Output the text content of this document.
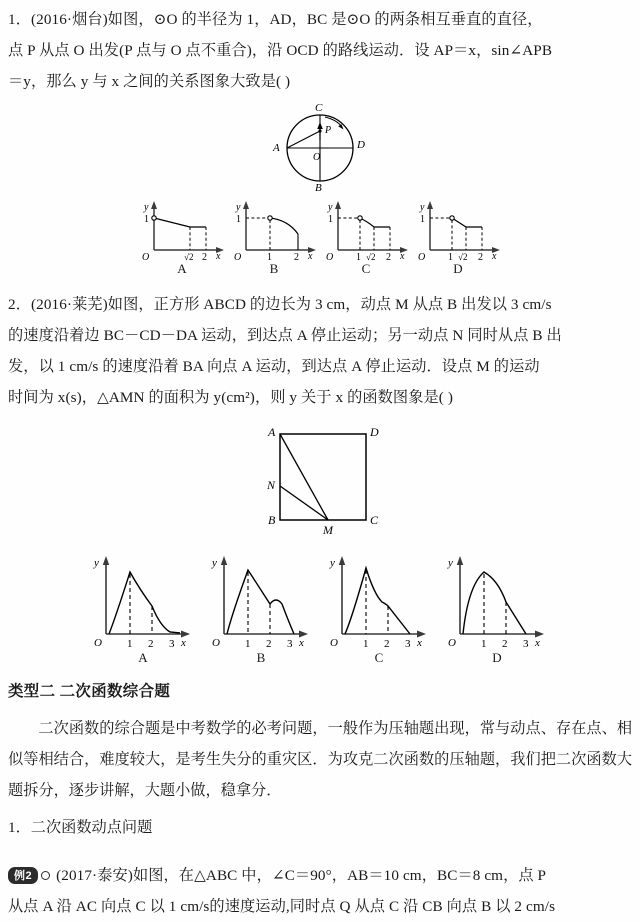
1．(2016·烟台)如图，⊙O 的半径为 1，AD，BC 是⊙O 的两条相互垂直的直径，

点 P 从点 O 出发(P 点与 O 点不重合)，沿 OCD 的路线运动．设 AP＝x，sin∠APB

＝y，那么 y 与 x 之间的关系图象大致是( )

C
B
A	D
O
P
1
O	√2 2 x
y
A
1
O	1 2 x
y
B
1
O 1 √2 2 x
y
C
1
O 1 √2 2 x
y
D

2．(2016·莱芜)如图，正方形 ABCD 的边长为 3 cm，动点 M 从点 B 出发以 3 cm/s

的速度沿着边 BC－CD－DA 运动，到达点 A 停止运动；另一动点 N 同时从点 B 出

发，以 1 cm/s 的速度沿着 BA 向点 A 运动，到达点 A 停止运动．设点 M 的运动

时间为 x(s)，△AMN 的面积为 y(cm²)，则 y 关于 x 的函数图象是( )

A	D
B	C
N
M
O 1 2 3 x
y
A
O 1 2 3 x
y
B
O 1 2 3 x
y
C
O 1 2 3 x
y
D

类型二 二次函数综合题

二次函数的综合题是中考数学的必考问题，一般作为压轴题出现，常与动点、存在点、相似等相结合，难度较大，是考生失分的重灾区．为攻克二次函数的压轴题，我们把二次函数大题拆分，逐步讲解，大题小做，稳拿分．

1．二次函数动点问题

例2	(2017·泰安)如图，在△ABC 中，∠C＝90°，AB＝10 cm，BC＝8 cm，点 P

从点 A 沿 AC 向点 C 以 1 cm/s的速度运动,同时点 Q 从点 C 沿 CB 向点 B 以 2 cm/s
